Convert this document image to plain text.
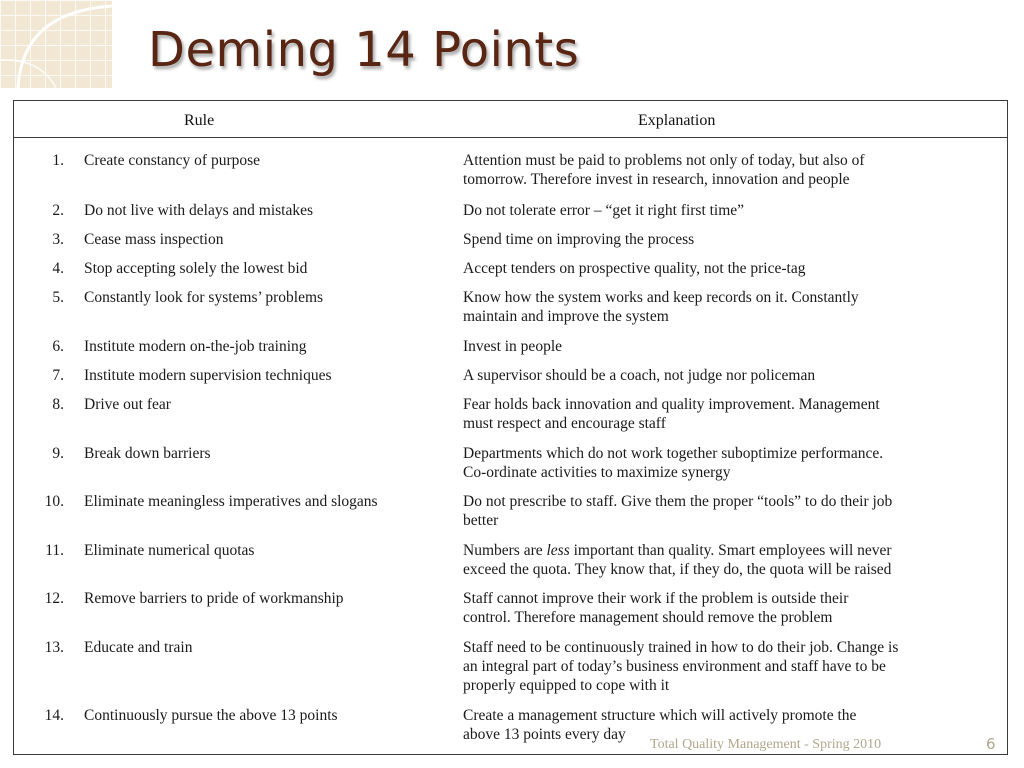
Deming 14 Points
Rule	Explanation
1. Create constancy of purpose	Attention must be paid to problems not only of today, but also of
tomorrow. Therefore invest in research, innovation and people
2. Do not live with delays and mistakes	Do not tolerate error – “get it right first time”
3. Cease mass inspection	Spend time on improving the process
4. Stop accepting solely the lowest bid	Accept tenders on prospective quality, not the price-tag
5. Constantly look for systems’ problems	Know how the system works and keep records on it. Constantly
maintain and improve the system
6. Institute modern on-the-job training	Invest in people
7. Institute modern supervision techniques	A supervisor should be a coach, not judge nor policeman
8. Drive out fear	Fear holds back innovation and quality improvement. Management
must respect and encourage staff
9. Break down barriers	Departments which do not work together suboptimize performance.
Co-ordinate activities to maximize synergy
10. Eliminate meaningless imperatives and slogans	Do not prescribe to staff. Give them the proper “tools” to do their job
better
11. Eliminate numerical quotas	Numbers are less important than quality. Smart employees will never
exceed the quota. They know that, if they do, the quota will be raised
12. Remove barriers to pride of workmanship	Staff cannot improve their work if the problem is outside their
control. Therefore management should remove the problem
13. Educate and train	Staff need to be continuously trained in how to do their job. Change is
an integral part of today’s business environment and staff have to be
properly equipped to cope with it
14. Continuously pursue the above 13 points	Create a management structure which will actively promote the
above 13 points every day
Total Quality Management - Spring 2010	6
